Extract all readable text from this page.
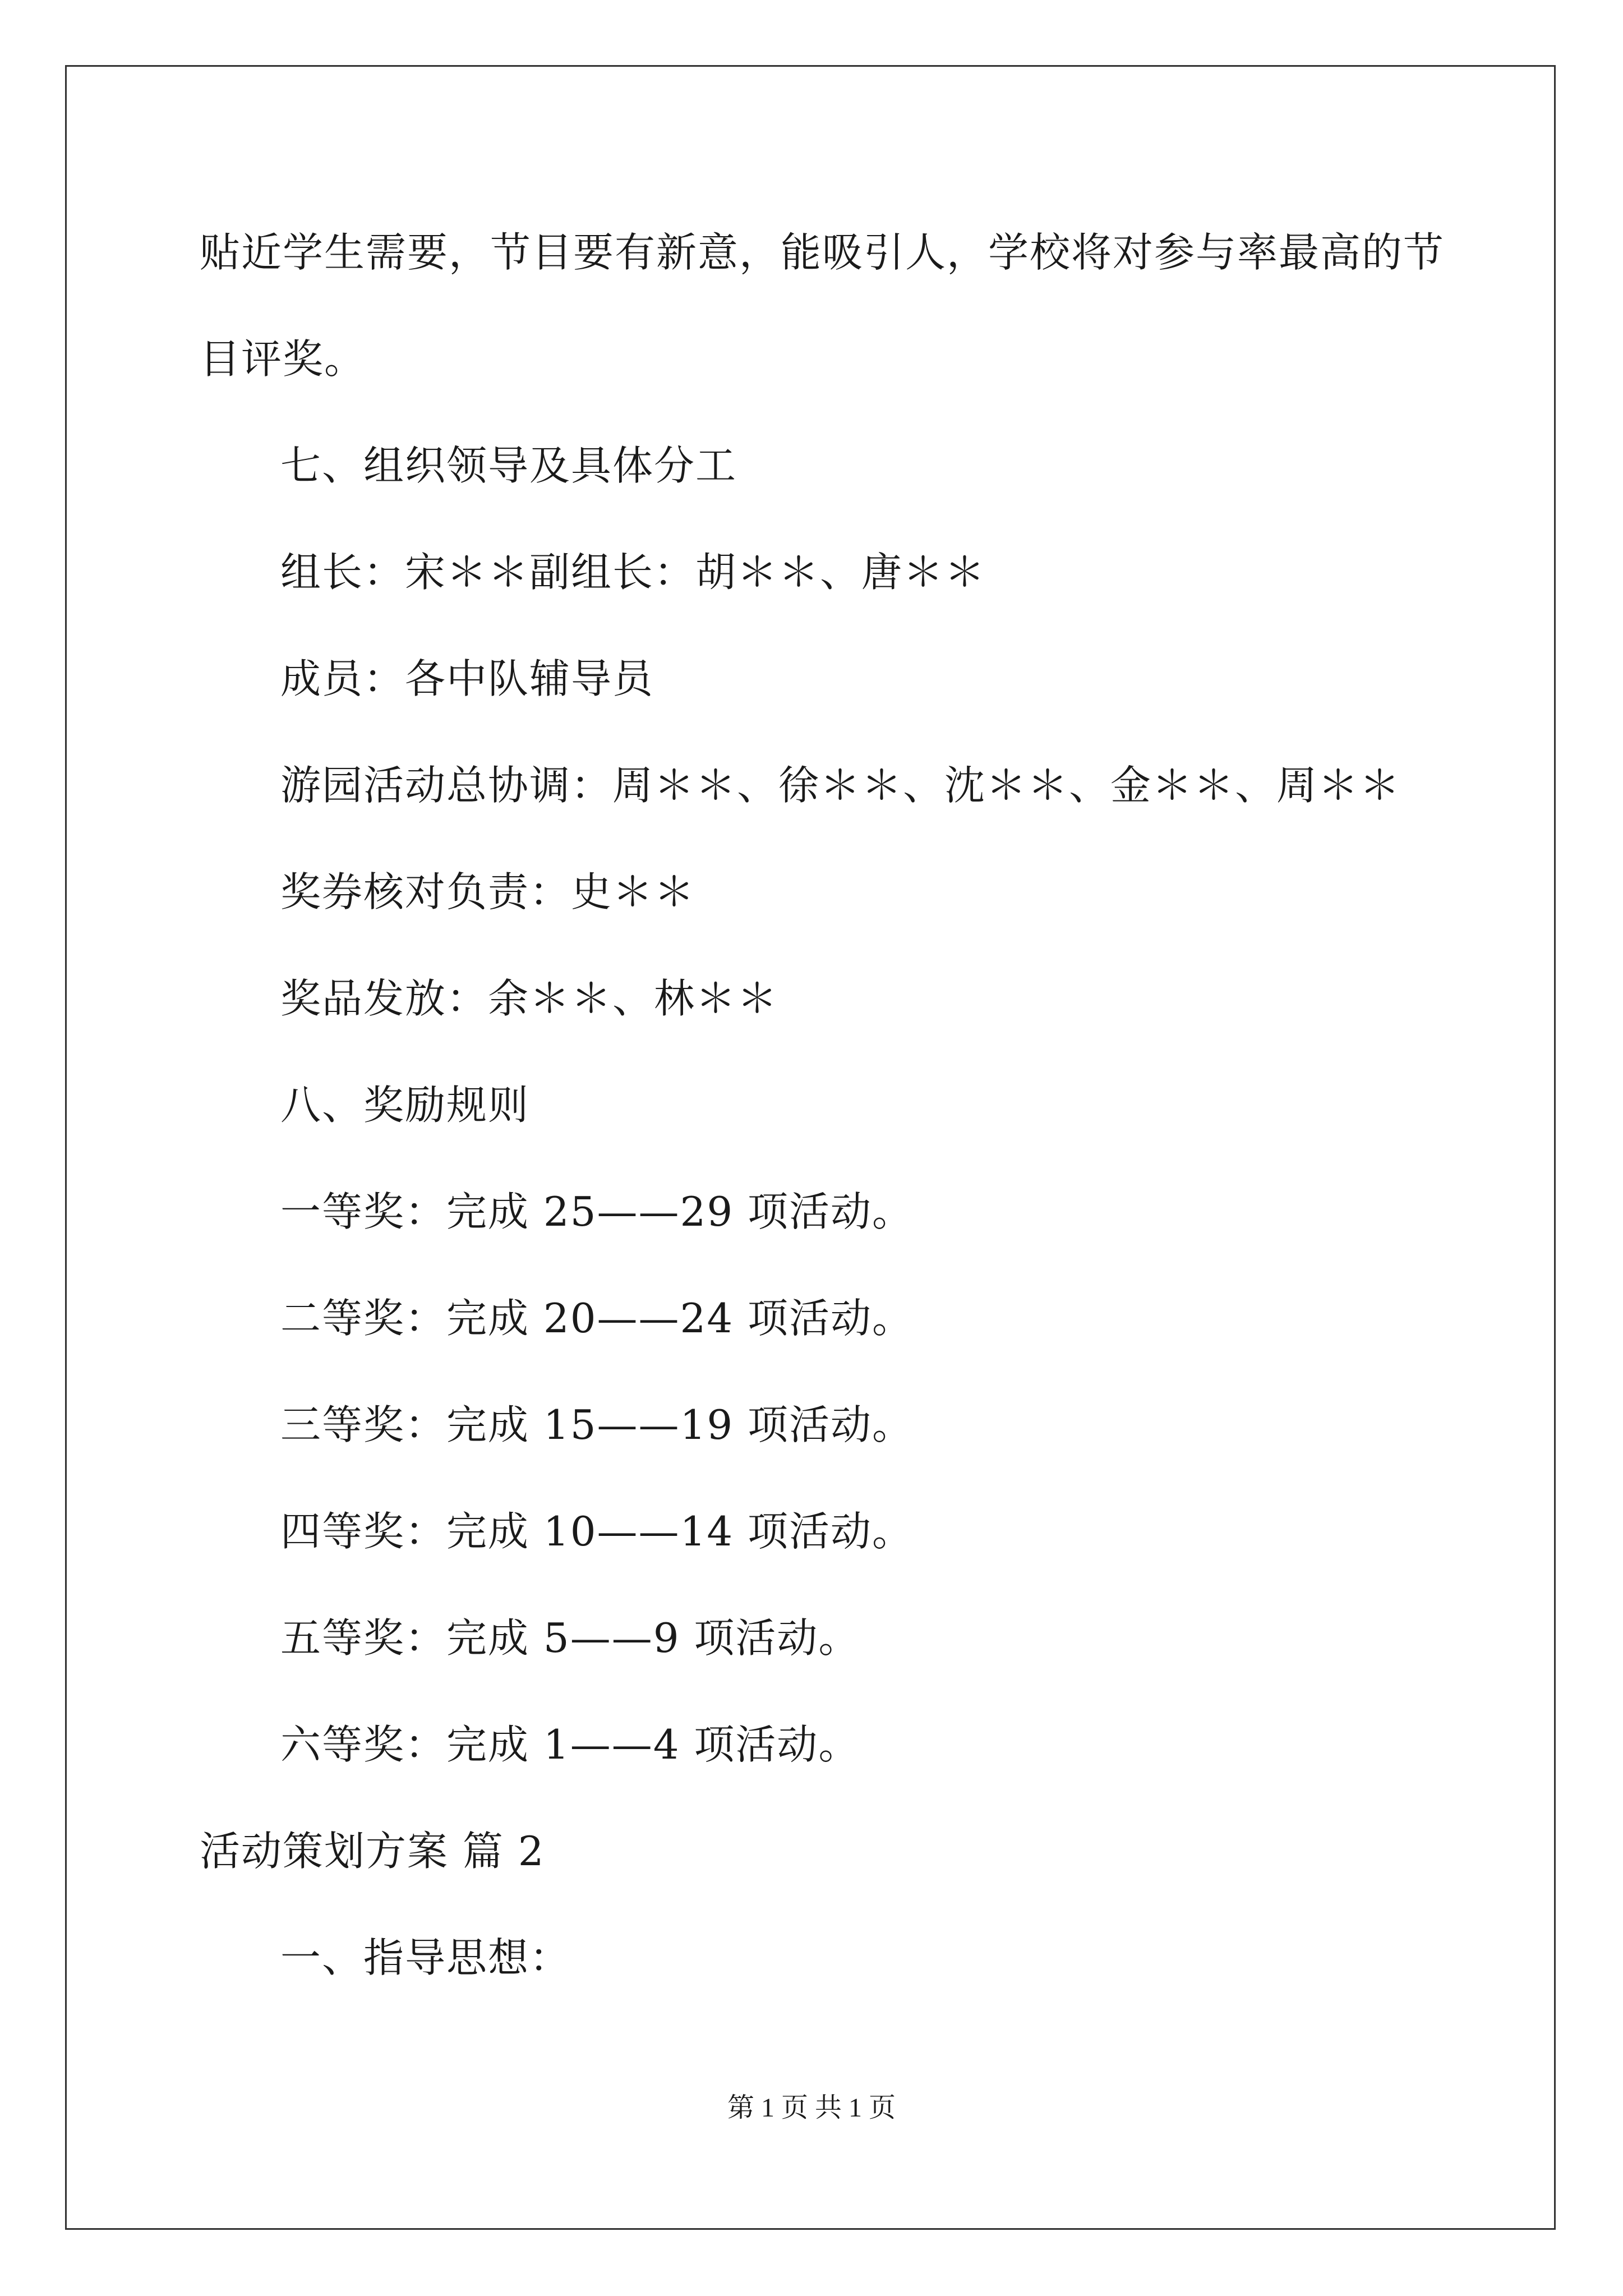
贴近学生需要，节目要有新意，能吸引人，学校将对参与率最高的节
目评奖。
七、组织领导及具体分工
组长：宋＊＊副组长：胡＊＊、唐＊＊
成员：各中队辅导员
游园活动总协调：周＊＊、徐＊＊、沈＊＊、金＊＊、周＊＊
奖券核对负责：史＊＊
奖品发放：余＊＊、林＊＊
八、奖励规则
一等奖：完成 25——29 项活动。
二等奖：完成 20——24 项活动。
三等奖：完成 15——19 项活动。
四等奖：完成 10——14 项活动。
五等奖：完成 5——9 项活动。
六等奖：完成 1——4 项活动。
活动策划方案 篇 2
一、指导思想：
第 1 页 共 1 页
